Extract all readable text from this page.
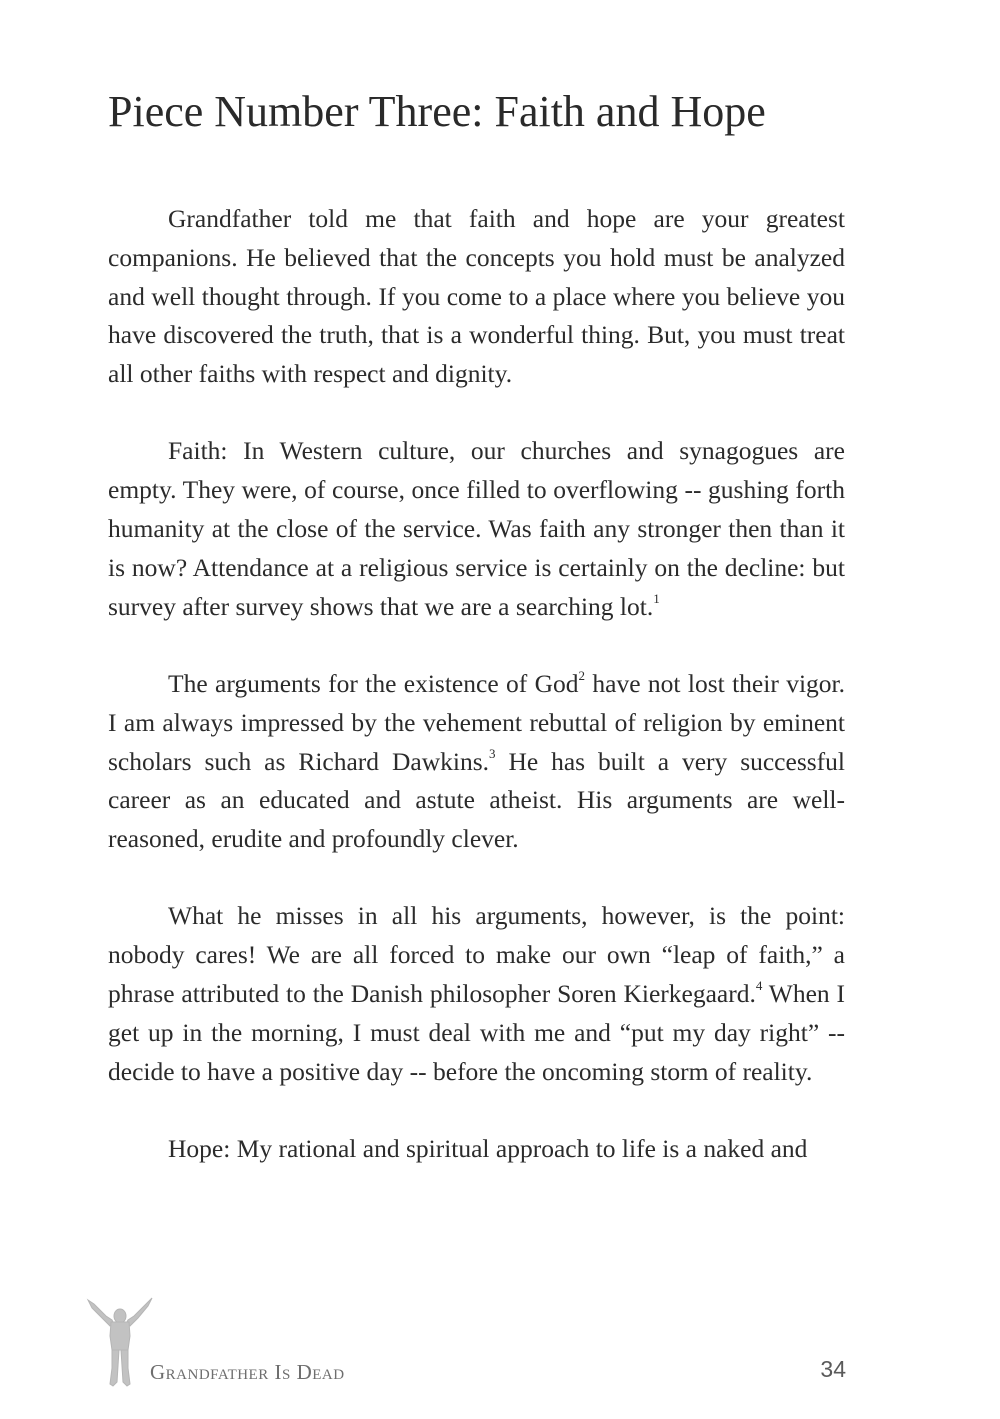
Piece Number Three: Faith and Hope

Grandfather told me that faith and hope are your greatest companions. He believed that the concepts you hold must be analyzed and well thought through. If you come to a place where you believe you have discovered the truth, that is a wonderful thing. But, you must treat all other faiths with respect and dignity.

Faith: In Western culture, our churches and synagogues are empty. They were, of course, once filled to overflowing -- gushing forth humanity at the close of the service. Was faith any stronger then than it is now? Attendance at a religious service is certainly on the decline: but survey after survey shows that we are a searching lot.$^1$

The arguments for the existence of God$^2$ have not lost their vigor. I am always impressed by the vehement rebuttal of religion by eminent scholars such as Richard Dawkins.$^3$ He has built a very successful career as an educated and astute atheist. His arguments are well-reasoned, erudite and profoundly clever.

What he misses in all his arguments, however, is the point: nobody cares! We are all forced to make our own “leap of faith,” a phrase attributed to the Danish philosopher Soren Kierkegaard.$^4$ When I get up in the morning, I must deal with me and “put my day right” -- decide to have a positive day -- before the oncoming storm of reality.

Hope: My rational and spiritual approach to life is a naked and

Grandfather Is Dead	34
